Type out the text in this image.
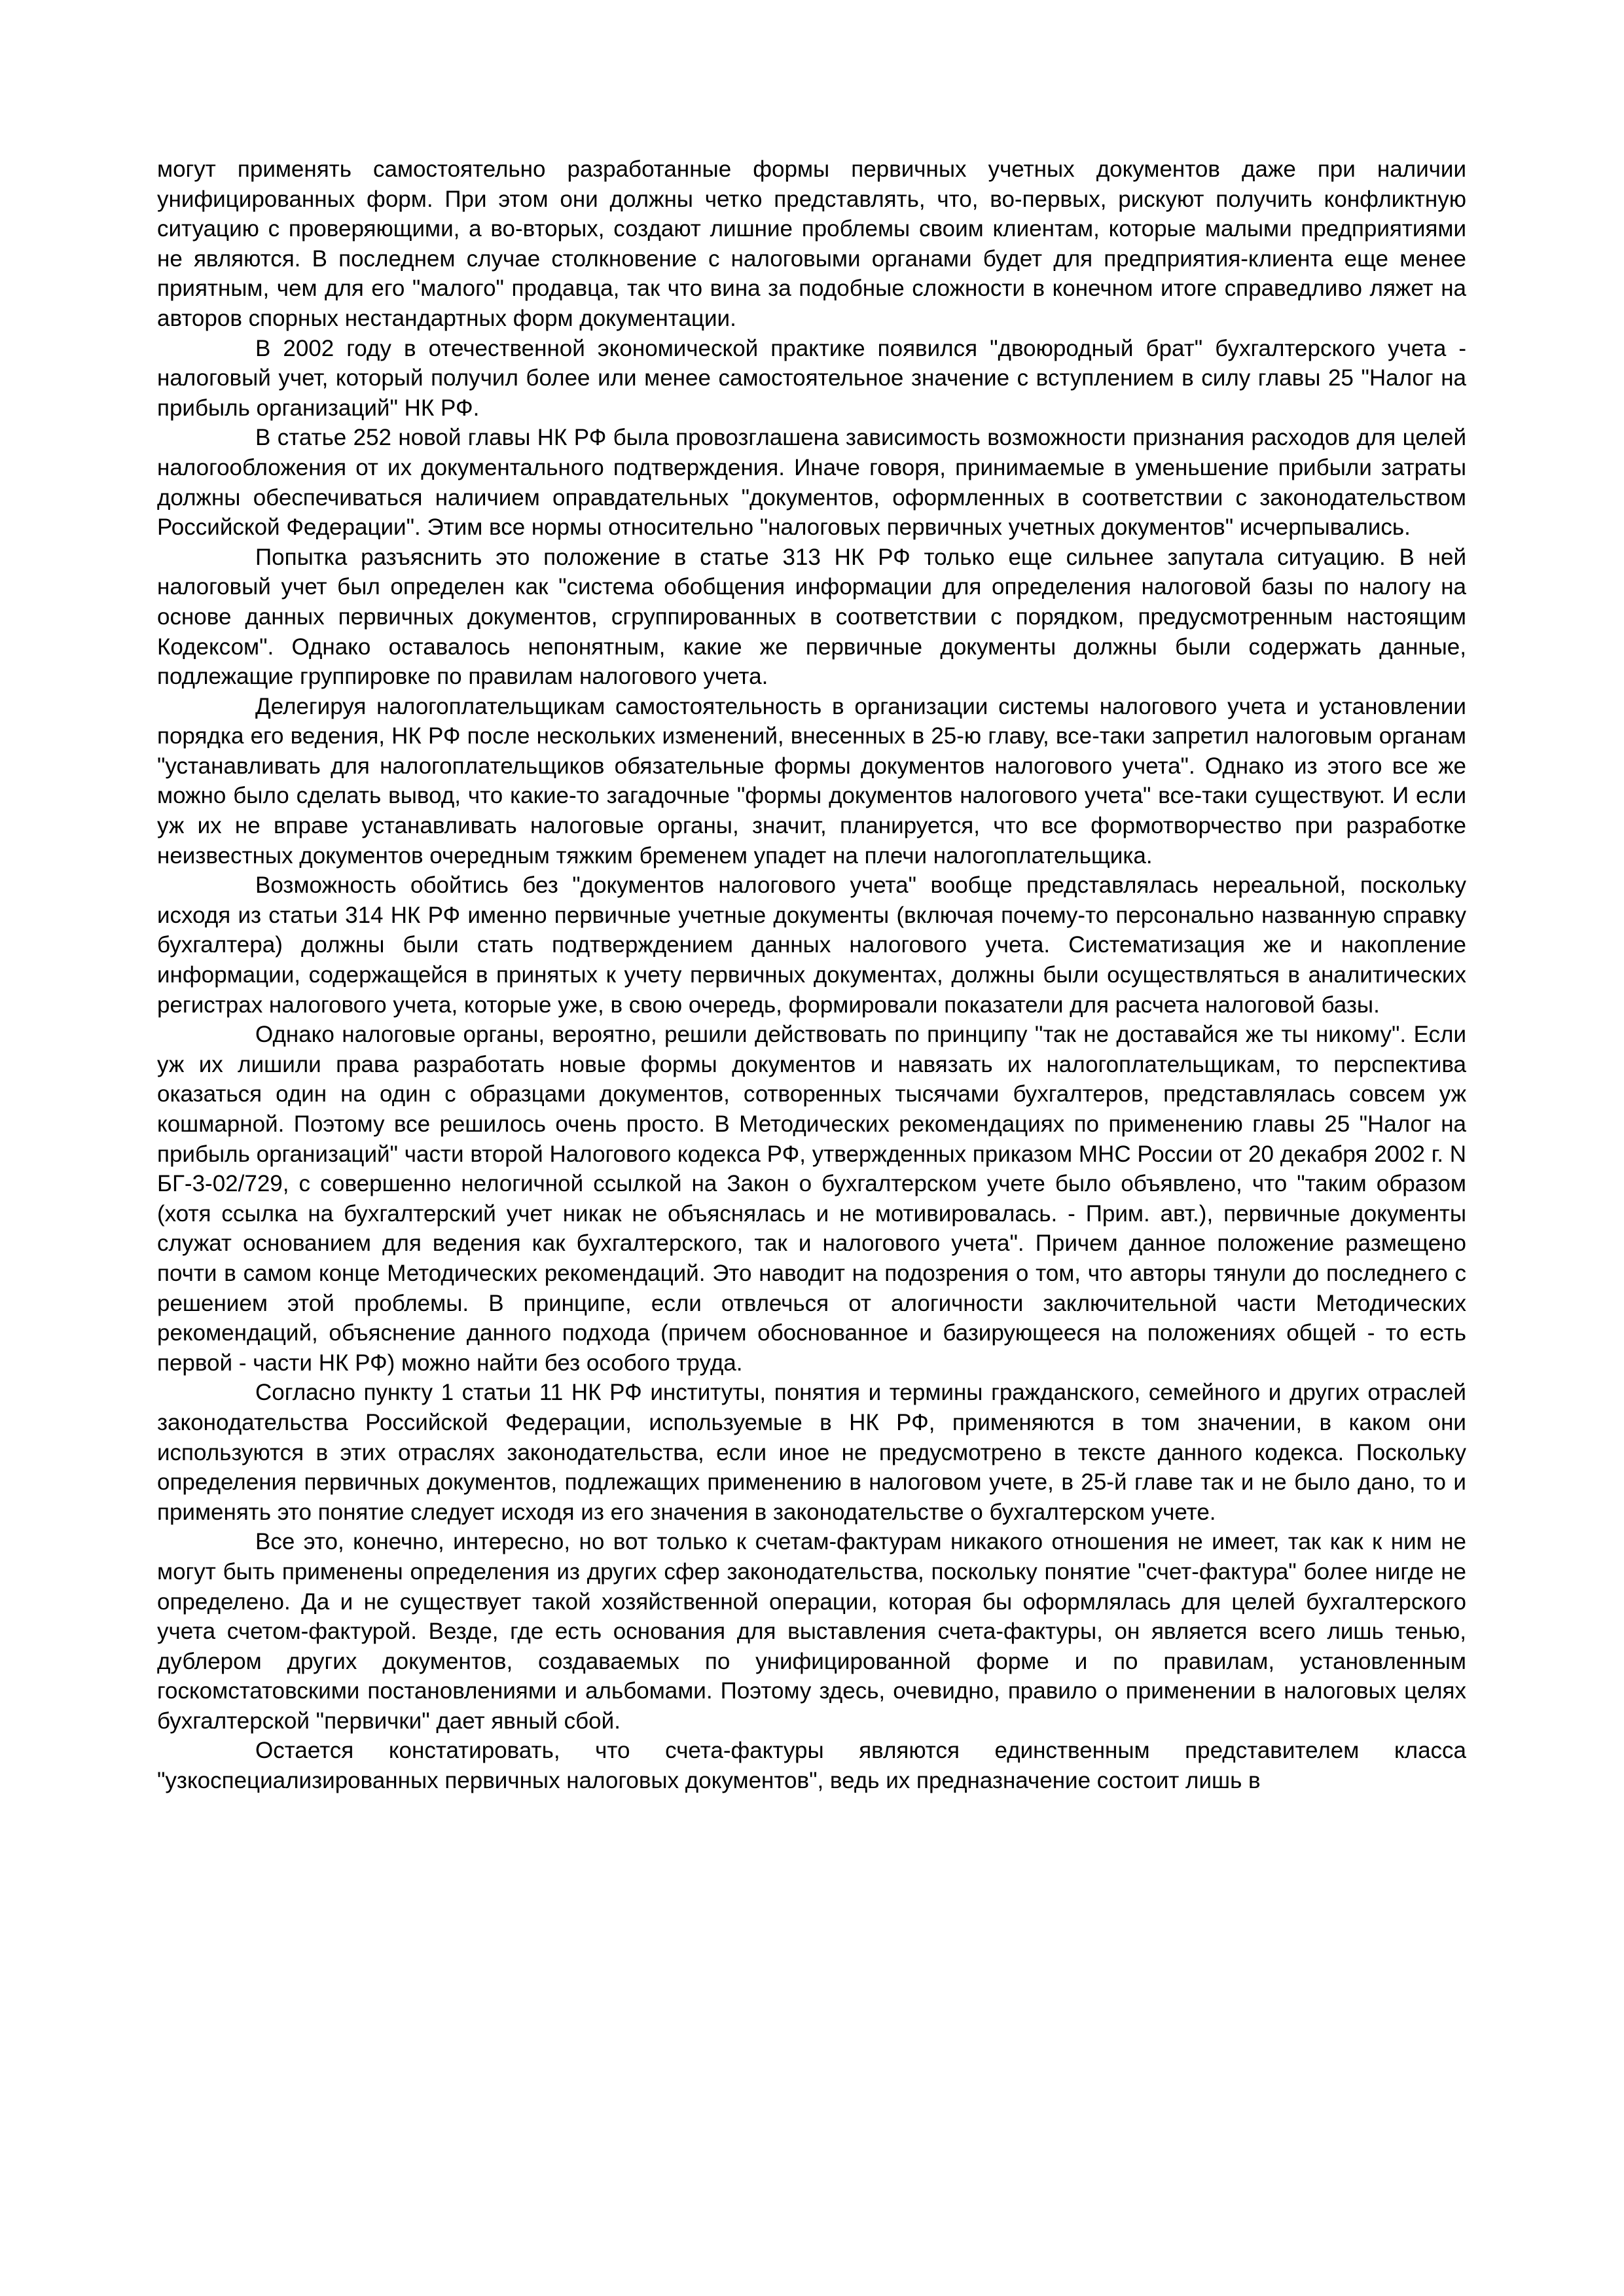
могут применять самостоятельно разработанные формы первичных учетных документов даже при наличии унифицированных форм. При этом они должны четко представлять, что, во-первых, рискуют получить конфликтную ситуацию с проверяющими, а во-вторых, создают лишние проблемы своим клиентам, которые малыми предприятиями не являются. В последнем случае столкновение с налоговыми органами будет для предприятия-клиента еще менее приятным, чем для его "малого" продавца, так что вина за подобные сложности в конечном итоге справедливо ляжет на авторов спорных нестандартных форм документации.

В 2002 году в отечественной экономической практике появился "двоюродный брат" бухгалтерского учета - налоговый учет, который получил более или менее самостоятельное значение с вступлением в силу главы 25 "Налог на прибыль организаций" НК РФ.

В статье 252 новой главы НК РФ была провозглашена зависимость возможности признания расходов для целей налогообложения от их документального подтверждения. Иначе говоря, принимаемые в уменьшение прибыли затраты должны обеспечиваться наличием оправдательных "документов, оформленных в соответствии с законодательством Российской Федерации". Этим все нормы относительно "налоговых первичных учетных документов" исчерпывались.

Попытка разъяснить это положение в статье 313 НК РФ только еще сильнее запутала ситуацию. В ней налоговый учет был определен как "система обобщения информации для определения налоговой базы по налогу на основе данных первичных документов, сгруппированных в соответствии с порядком, предусмотренным настоящим Кодексом". Однако оставалось непонятным, какие же первичные документы должны были содержать данные, подлежащие группировке по правилам налогового учета.

Делегируя налогоплательщикам самостоятельность в организации системы налогового учета и установлении порядка его ведения, НК РФ после нескольких изменений, внесенных в 25-ю главу, все-таки запретил налоговым органам "устанавливать для налогоплательщиков обязательные формы документов налогового учета". Однако из этого все же можно было сделать вывод, что какие-то загадочные "формы документов налогового учета" все-таки существуют. И если уж их не вправе устанавливать налоговые органы, значит, планируется, что все формотворчество при разработке неизвестных документов очередным тяжким бременем упадет на плечи налогоплательщика.

Возможность обойтись без "документов налогового учета" вообще представлялась нереальной, поскольку исходя из статьи 314 НК РФ именно первичные учетные документы (включая почему-то персонально названную справку бухгалтера) должны были стать подтверждением данных налогового учета. Систематизация же и накопление информации, содержащейся в принятых к учету первичных документах, должны были осуществляться в аналитических регистрах налогового учета, которые уже, в свою очередь, формировали показатели для расчета налоговой базы.

Однако налоговые органы, вероятно, решили действовать по принципу "так не доставайся же ты никому". Если уж их лишили права разработать новые формы документов и навязать их налогоплательщикам, то перспектива оказаться один на один с образцами документов, сотворенных тысячами бухгалтеров, представлялась совсем уж кошмарной. Поэтому все решилось очень просто. В Методических рекомендациях по применению главы 25 "Налог на прибыль организаций" части второй Налогового кодекса РФ, утвержденных приказом МНС России от 20 декабря 2002 г. N БГ-3-02/729, с совершенно нелогичной ссылкой на Закон о бухгалтерском учете было объявлено, что "таким образом (хотя ссылка на бухгалтерский учет никак не объяснялась и не мотивировалась. - Прим. авт.), первичные документы служат основанием для ведения как бухгалтерского, так и налогового учета". Причем данное положение размещено почти в самом конце Методических рекомендаций. Это наводит на подозрения о том, что авторы тянули до последнего с решением этой проблемы. В принципе, если отвлечься от алогичности заключительной части Методических рекомендаций, объяснение данного подхода (причем обоснованное и базирующееся на положениях общей - то есть первой - части НК РФ) можно найти без особого труда.

Согласно пункту 1 статьи 11 НК РФ институты, понятия и термины гражданского, семейного и других отраслей законодательства Российской Федерации, используемые в НК РФ, применяются в том значении, в каком они используются в этих отраслях законодательства, если иное не предусмотрено в тексте данного кодекса. Поскольку определения первичных документов, подлежащих применению в налоговом учете, в 25-й главе так и не было дано, то и применять это понятие следует исходя из его значения в законодательстве о бухгалтерском учете.

Все это, конечно, интересно, но вот только к счетам-фактурам никакого отношения не имеет, так как к ним не могут быть применены определения из других сфер законодательства, поскольку понятие "счет-фактура" более нигде не определено. Да и не существует такой хозяйственной операции, которая бы оформлялась для целей бухгалтерского учета счетом-фактурой. Везде, где есть основания для выставления счета-фактуры, он является всего лишь тенью, дублером других документов, создаваемых по унифицированной форме и по правилам, установленным госкомстатовскими постановлениями и альбомами. Поэтому здесь, очевидно, правило о применении в налоговых целях бухгалтерской "первички" дает явный сбой.

Остается констатировать, что счета-фактуры являются единственным представителем класса "узкоспециализированных первичных налоговых документов", ведь их предназначение состоит лишь в
